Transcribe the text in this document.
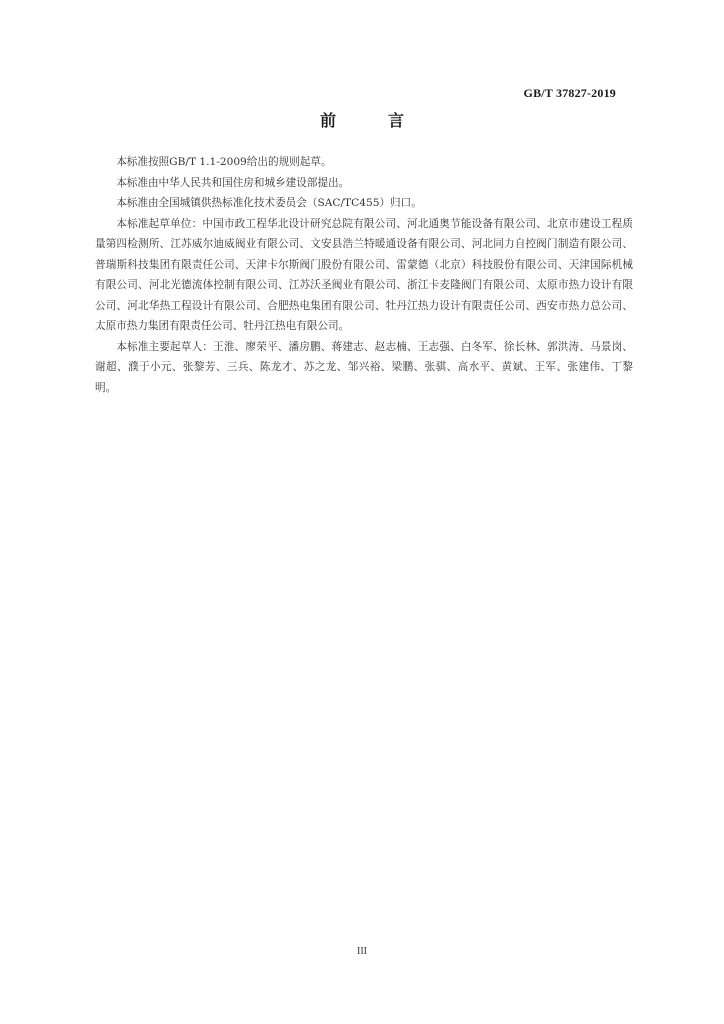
GB/T 37827-2019
前　言

本标准按照GB/T 1.1-2009给出的规则起草。

本标准由中华人民共和国住房和城乡建设部提出。

本标准由全国城镇供热标准化技术委员会（SAC/TC455）归口。

本标准起草单位：中国市政工程华北设计研究总院有限公司、河北通奥节能设备有限公司、北京市建设工程质量第四检测所、江苏威尔迪威阀业有限公司、文安县浩兰特暖通设备有限公司、河北同力自控阀门制造有限公司、普瑞斯科技集团有限责任公司、天津卡尔斯阀门股份有限公司、雷蒙德（北京）科技股份有限公司、天津国际机械有限公司、河北光德流体控制有限公司、江苏沃圣阀业有限公司、浙江卡麦隆阀门有限公司、太原市热力设计有限公司、河北华热工程设计有限公司、合肥热电集团有限公司、牡丹江热力设计有限责任公司、西安市热力总公司、太原市热力集团有限责任公司、牡丹江热电有限公司。

本标准主要起草人：王淮、廖荣平、潘房鹏、蒋建志、赵志楠、王志强、白冬军、徐长林、郭洪涛、马景岗、谢超、濮于小元、张黎芳、三兵、陈龙才、苏之龙、邹兴裕、梁鹏、张骐、高水平、黄斌、王军、张建伟、丁黎明。

III
